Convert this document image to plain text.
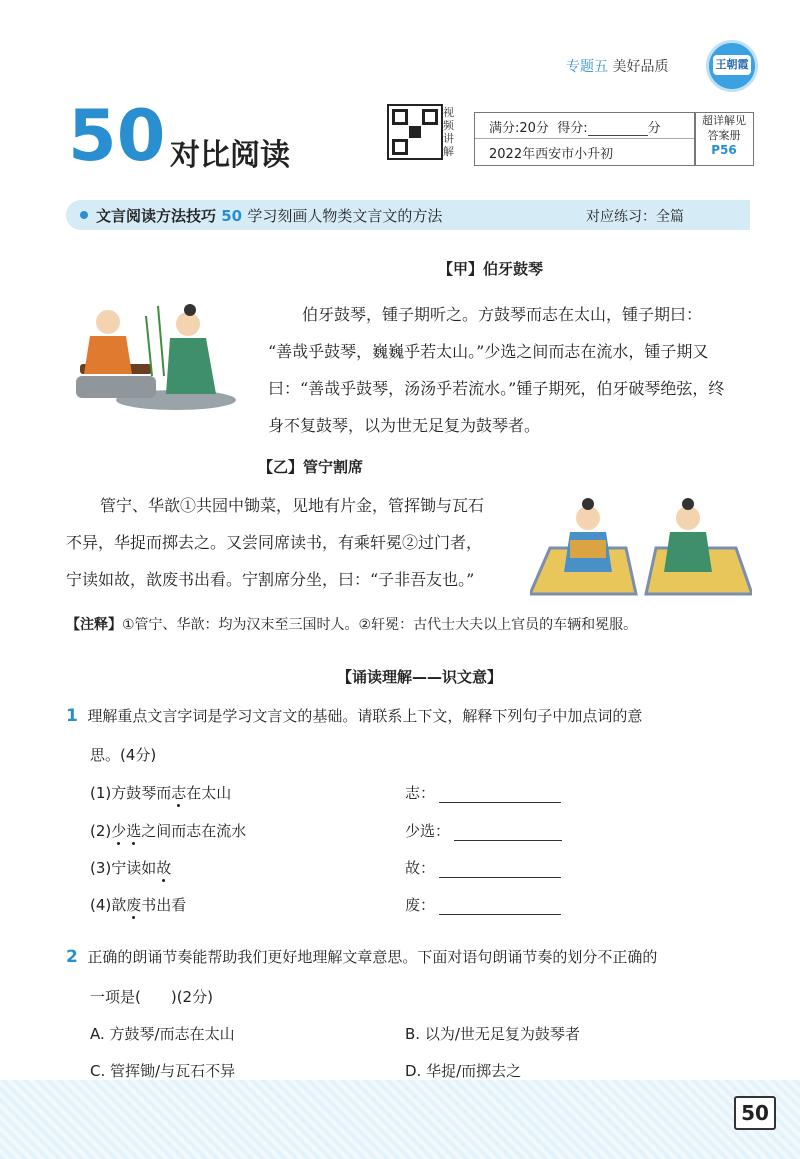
专题五 美好品质	王朝霞
50 对比阅读
视频讲解
满分:20分 得分:	分
2022年西安市小升初
超详解见
答案册
P56
文言阅读方法技巧 50 学习刻画人物类文言文的方法	对应练习：全篇
【甲】伯牙鼓琴
伯牙鼓琴，锺子期听之。方鼓琴而志在太山，锺子期曰：
“善哉乎鼓琴，巍巍乎若太山。”少选之间而志在流水，锺子期又
曰：“善哉乎鼓琴，汤汤乎若流水。”锺子期死，伯牙破琴绝弦，终
身不复鼓琴，以为世无足复为鼓琴者。
【乙】管宁割席
管宁、华歆①共园中锄菜，见地有片金，管挥锄与瓦石
不异，华捉而掷去之。又尝同席读书，有乘轩冕②过门者，
宁读如故，歆废书出看。宁割席分坐，曰：“子非吾友也。”
【注释】①管宁、华歆：均为汉末至三国时人。②轩冕：古代士大夫以上官员的车辆和冕服。
【诵读理解——识文意】
1 理解重点文言字词是学习文言文的基础。请联系上下文，解释下列句子中加点词的意
思。(4分)
(1)方鼓琴而志在太山	志：
(2)少选之间而志在流水	少选：
(3)宁读如故	故：
(4)歆废书出看	废：
2 正确的朗诵节奏能帮助我们更好地理解文章意思。下面对语句朗诵节奏的划分不正确的
一项是(　　)(2分)
A. 方鼓琴/而志在太山	B. 以为/世无足复为鼓琴者
C. 管挥锄/与瓦石不异	D. 华捉/而掷去之
50
